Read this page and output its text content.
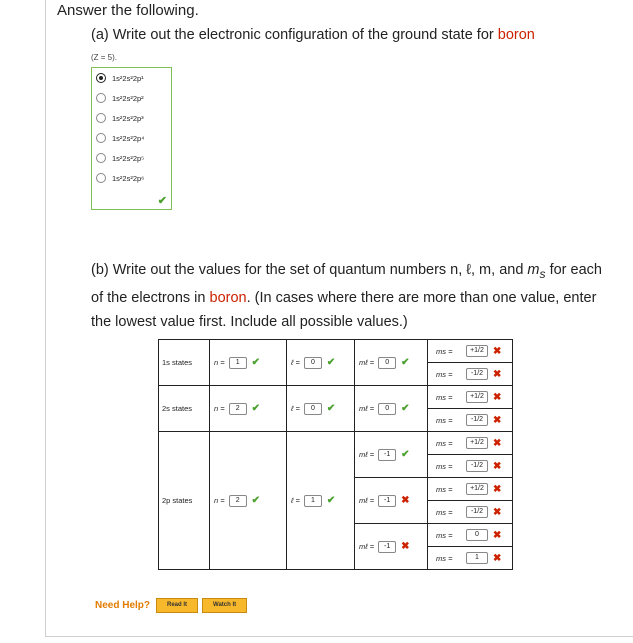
Answer the following.
(a) Write out the electronic configuration of the ground state for boron
(Z = 5).
✔
1s²2s²2p¹
1s²2s²2p²
1s²2s²2p³
1s²2s²2p⁴
1s²2s²2p⁵
1s²2s²2p⁶
(b) Write out the values for the set of quantum numbers n, ℓ, m, and $m_s$ for each of the electrons in boron. (In cases where there are more than one value, enter the lowest value first. Include all possible values.)
1s states	n = 1 ✔	ℓ = 0 ✔	mℓ = 0 ✔	ms = +1/2 ✖

				ms = -1/2 ✖

2s states	n = 2 ✔	ℓ = 0 ✔	mℓ = 0 ✔	ms = +1/2 ✖

				ms = -1/2 ✖

2p states	n = 2 ✔	ℓ = 1 ✔	mℓ = -1 ✔	ms = +1/2 ✖

				ms = -1/2 ✖

			mℓ = -1 ✖	ms = +1/2 ✖

				ms = -1/2 ✖

			mℓ = -1 ✖	ms = 0 ✖

				ms = 1 ✖
Need Help?	Read It	Watch It
